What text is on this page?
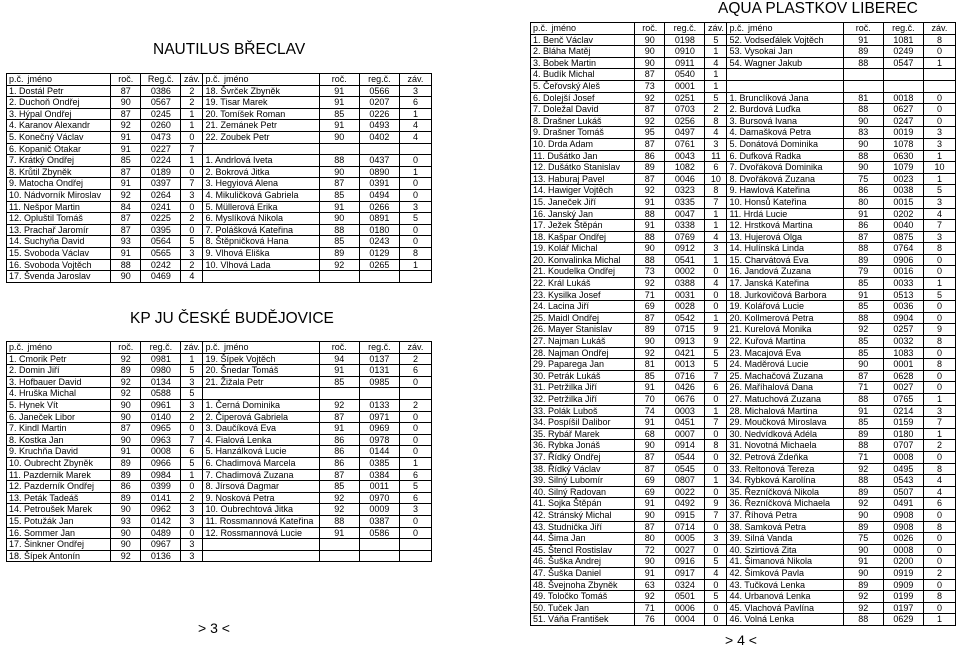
NAUTILUS BŘECLAV
p.č. jméno	roč.	Reg.č.	záv.	p.č. jméno	roč.	reg.č.	záv.
1. Dostál Petr	87	0386	2	18. Švrček Zbyněk	91	0566	3
2. Duchoň Ondřej	90	0567	2	19. Tisar Marek	91	0207	6
3. Hýpal Ondřej	87	0245	1	20. Tomíšek Roman	85	0226	1
4. Karanov Alexandr	92	0260	1	21. Zemánek Petr	91	0493	4
5. Konečný Václav	91	0473	0	22. Zoubek Petr	90	0402	4
6. Kopanič Otakar	91	0227	7				
7. Krátký Ondřej	85	0224	1	1. Andrlová Iveta	88	0437	0
8. Krůtil Zbyněk	87	0189	0	2. Bokrová Jitka	90	0890	1
9. Matocha Ondřej	91	0397	7	3. Hegyiová Alena	87	0391	0
10. Nádvorník Miroslav	92	0264	3	4. Mikuličková Gabriela	85	0494	0
11. Nešpor Martin	84	0241	0	5. Müllerová Erika	91	0266	3
12. Opluštil Tomáš	87	0225	2	6. Myslíková Nikola	90	0891	5
13. Prachař Jaromír	87	0395	0	7. Polášková Kateřina	88	0180	0
14. Suchyňa David	93	0564	5	8. Štěpničková Hana	85	0243	0
15. Svoboda Václav	91	0565	3	9. Vlhová Eliška	89	0129	8
16. Svoboda Vojtěch	88	0242	2	10. Vlhová Lada	92	0265	1
17. Švenda Jaroslav	90	0469	4				
KP JU ČESKÉ BUDĚJOVICE
p.č. jméno	roč.	reg.č.	záv.	p.č. jméno	roč.	reg.č.	záv.
1. Cmorik Petr	92	0981	1	19. Šípek Vojtěch	94	0137	2
2. Domin Jiří	89	0980	5	20. Šnedar Tomáš	91	0131	6
3. Hofbauer David	92	0134	3	21. Žižala Petr	85	0985	0
4. Hruška Michal	92	0588	5				
5. Hynek Vít	90	0961	3	1. Černá Dominika	92	0133	2
6. Janeček Libor	90	0140	2	2. Čiperová Gabriela	87	0971	0
7. Kindl Martin	87	0965	0	3. Daučíková Eva	91	0969	0
8. Kostka Jan	90	0963	7	4. Fialová Lenka	86	0978	0
9. Kruchňa David	91	0008	6	5. Hanzálková Lucie	86	0144	0
10. Oubrecht Zbyněk	89	0966	5	6. Chadimová Marcela	86	0385	1
11. Pazdernik Marek	89	0984	1	7. Chadimová Zuzana	87	0384	6
12. Pazderník Ondřej	86	0399	0	8. Jírsová Dagmar	85	0011	5
13. Peták Tadeáš	89	0141	2	9. Nosková Petra	92	0970	6
14. Petroušek Marek	90	0962	3	10. Oubrechtová Jitka	92	0009	3
15. Potužák Jan	93	0142	3	11. Rossmannová Kateřina	88	0387	0
16. Sommer Jan	90	0489	0	12. Rossmannová Lucie	91	0586	0
17. Šinkner Ondřej	90	0967	3				
18. Šípek Antonín	92	0136	3				
AQUA PLASTKOV LIBEREC
p.č. jméno	roč.	reg.č.	záv.	p.č. jméno	roč.	reg.č.	záv.
1. Benč Václav	90	0198	5	52. Vodseďálek Vojtěch	91	1081	8
2. Bláha Matěj	90	0910	1	53. Vysokai Jan	89	0249	0
3. Bobek Martin	90	0911	4	54. Wagner Jakub	88	0547	1
4. Budík Michal	87	0540	1				
5. Čeřovský Aleš	73	0001	1				
6. Dolejší Josef	92	0251	5	1. Brunclíková Jana	81	0018	0
7. Doležal David	87	0703	2	2. Burdová Luďka	88	0627	0
8. Drašner Lukáš	92	0256	8	3. Bursová Ivana	90	0247	0
9. Drašner Tomáš	95	0497	4	4. Damašková Petra	83	0019	3
10. Drda Adam	87	0761	3	5. Donátová Dominika	90	1078	3
11. Dušátko Jan	86	0043	11	6. Dufková Radka	88	0630	1
12. Dušátko Stanislav	89	1082	6	7. Dvořáková Dominika	90	1079	10
13. Haburaj Pavel	87	0046	10	8. Dvořáková Zuzana	75	0023	1
14. Hawiger Vojtěch	92	0323	8	9. Hawlová Kateřina	86	0038	5
15. Janeček Jiří	91	0335	7	10. Honsů Kateřina	80	0015	3
16. Janský Jan	88	0047	1	11. Hrdá Lucie	91	0202	4
17. Ježek Štěpán	91	0338	1	12. Hrstková Martina	86	0040	7
18. Kašpar Ondřej	88	0769	4	13. Hujerová Olga	87	0875	3
19. Kolář Michal	90	0912	3	14. Hulínská Linda	88	0764	8
20. Konvalinka Michal	88	0541	1	15. Charvátová Eva	89	0906	0
21. Koudelka Ondřej	73	0002	0	16. Jandová Zuzana	79	0016	0
22. Král Lukáš	92	0388	4	17. Janská Kateřina	85	0033	1
23. Kysilka Josef	71	0031	0	18. Jurkovičová Barbora	91	0513	5
24. Lacina Jiří	69	0028	0	19. Kolářová Lucie	85	0036	0
25. Maidl Ondřej	87	0542	1	20. Kollmerová Petra	88	0904	0
26. Mayer Stanislav	89	0715	9	21. Kurelová Monika	92	0257	9
27. Najman Lukáš	90	0913	9	22. Kuřová Martina	85	0032	8
28. Najman Ondřej	92	0421	5	23. Macajová Eva	85	1083	0
29. Paparega Jan	81	0013	5	24. Maděrová Lucie	90	0001	8
30. Petrák Lukáš	85	0716	7	25. Machačová Zuzana	87	0628	0
31. Petržilka Jiří	91	0426	6	26. Maříhalová Dana	71	0027	0
32. Petržilka Jiří	70	0676	0	27. Matuchová Zuzana	88	0765	1
33. Polák Luboš	74	0003	1	28. Michalová Martina	91	0214	3
34. Pospíšil Dalibor	91	0451	7	29. Moučková Miroslava	85	0159	7
35. Rybář Marek	68	0007	0	30. Nedvídková Adéla	89	0180	1
36. Rybka Jonáš	90	0914	8	31. Novotná Michaela	88	0707	2
37. Řídký Ondřej	87	0544	0	32. Petrová Zdeňka	71	0008	0
38. Řídký Václav	87	0545	0	33. Reltonová Tereza	92	0495	8
39. Silný Lubomír	69	0807	1	34. Rybková Karolína	88	0543	4
40. Silný Radovan	69	0022	0	35. Řezníčková Nikola	89	0507	4
41. Sojka Štěpán	91	0492	9	36. Řezníčková Michaela	92	0491	6
42. Stránský Michal	90	0915	7	37. Říhová Petra	90	0908	0
43. Studnička Jiří	87	0714	0	38. Samková Petra	89	0908	8
44. Šima Jan	80	0005	3	39. Silná Vanda	75	0026	0
45. Štencl Rostislav	72	0027	0	40. Szirtiová Zita	90	0008	0
46. Šuška Andrej	90	0916	5	41. Šimanová Nikola	91	0200	0
47. Šuška Daniel	91	0917	4	42. Šimková Pavla	90	0919	2
48. Švejnoha Zbyněk	63	0324	0	43. Tučková Lenka	89	0909	0
49. Toločko Tomáš	92	0501	5	44. Urbanová Lenka	92	0199	8
50. Tuček Jan	71	0006	0	45. Vlachová Pavlína	92	0197	0
51. Váňa František	76	0004	0	46. Volná Lenka	88	0629	1
> 3 <
> 4 <
